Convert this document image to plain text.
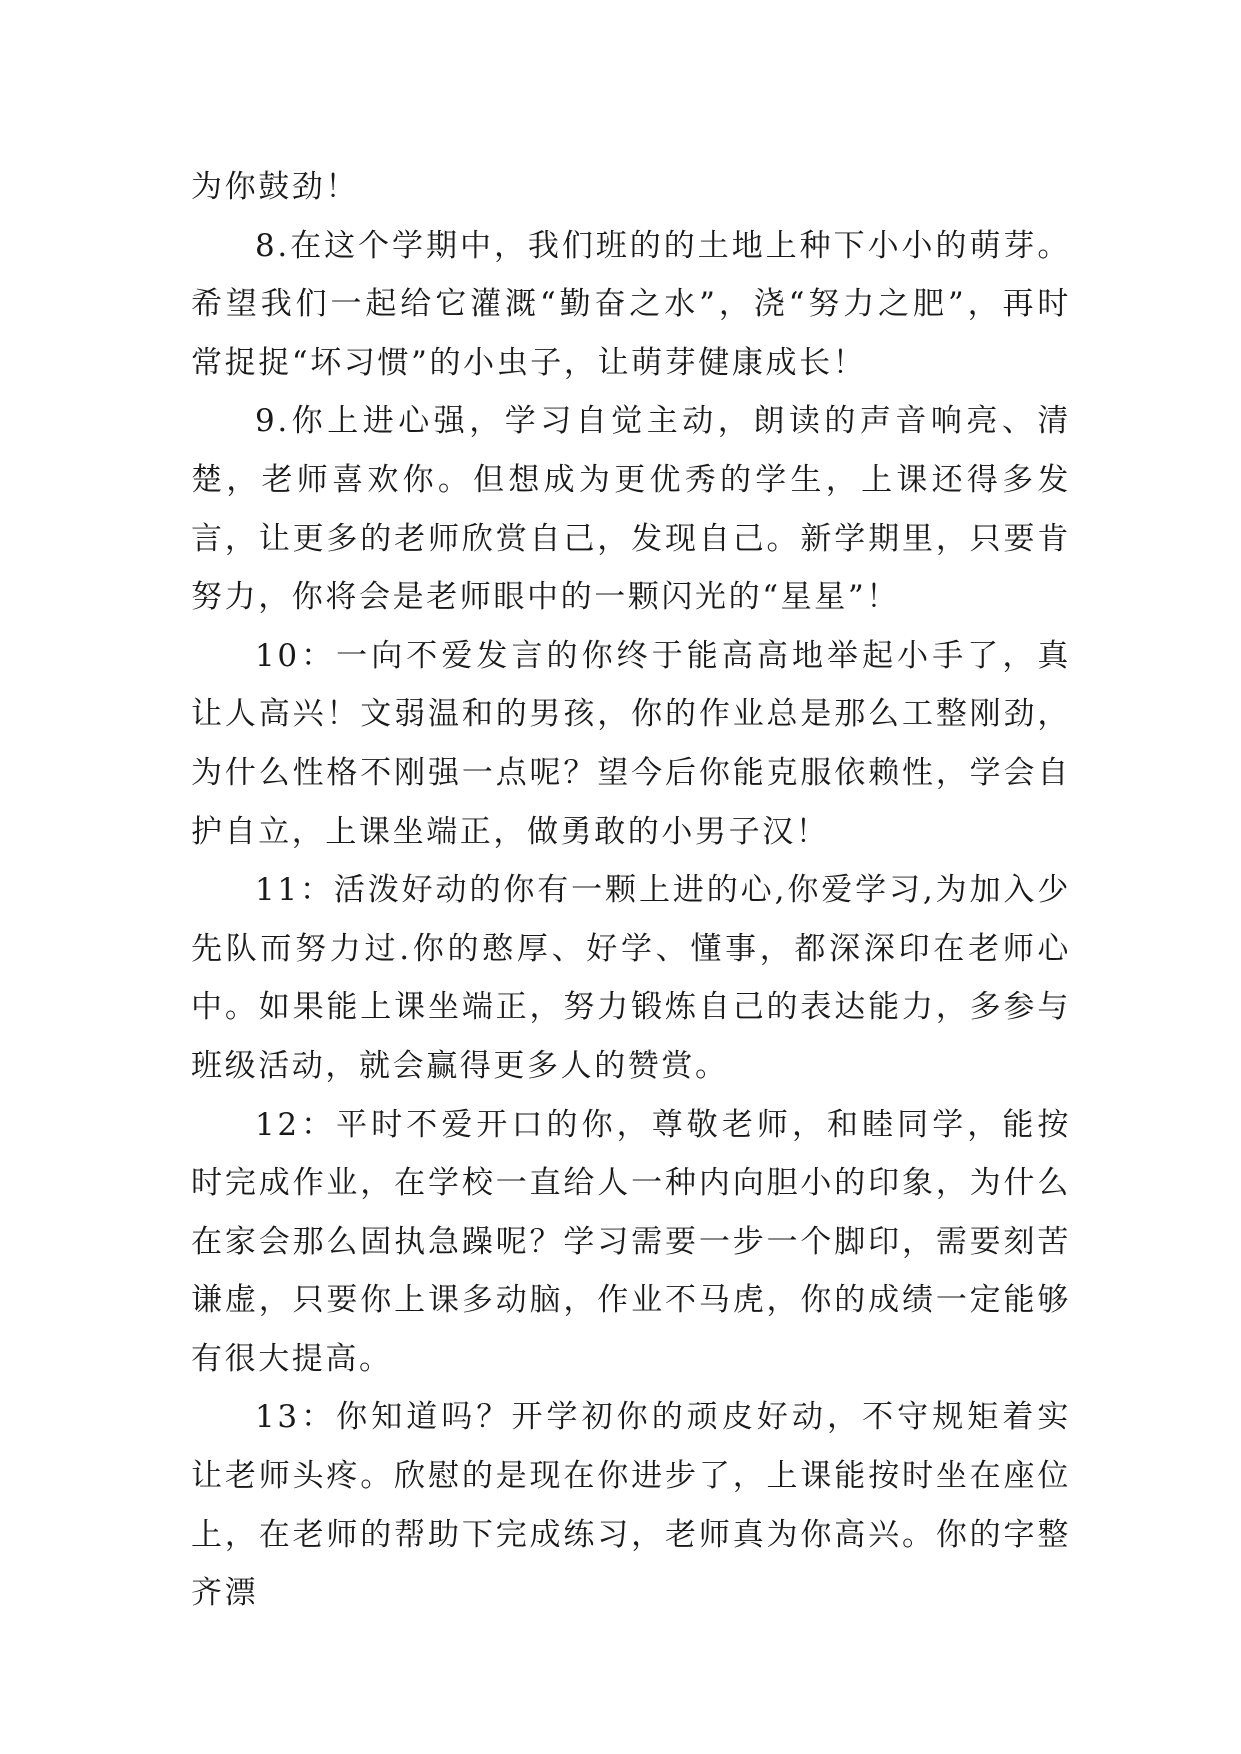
为你鼓劲！

8.在这个学期中，我们班的的土地上种下小小的萌芽。希望我们一起给它灌溉“勤奋之水”，浇“努力之肥”，再时常捉捉“坏习惯”的小虫子，让萌芽健康成长！

9.你上进心强，学习自觉主动，朗读的声音响亮、清楚，老师喜欢你。但想成为更优秀的学生，上课还得多发言，让更多的老师欣赏自己，发现自己。新学期里，只要肯努力，你将会是老师眼中的一颗闪光的“星星”！

10：一向不爱发言的你终于能高高地举起小手了，真让人高兴！文弱温和的男孩，你的作业总是那么工整刚劲，为什么性格不刚强一点呢？望今后你能克服依赖性，学会自护自立，上课坐端正，做勇敢的小男子汉！

11：活泼好动的你有一颗上进的心,你爱学习,为加入少先队而努力过.你的憨厚、好学、懂事，都深深印在老师心中。如果能上课坐端正，努力锻炼自己的表达能力，多参与班级活动，就会赢得更多人的赞赏。

12：平时不爱开口的你，尊敬老师，和睦同学，能按时完成作业，在学校一直给人一种内向胆小的印象，为什么在家会那么固执急躁呢？学习需要一步一个脚印，需要刻苦谦虚，只要你上课多动脑，作业不马虎，你的成绩一定能够有很大提高。

13：你知道吗？开学初你的顽皮好动，不守规矩着实让老师头疼。欣慰的是现在你进步了，上课能按时坐在座位上，在老师的帮助下完成练习，老师真为你高兴。你的字整齐漂
